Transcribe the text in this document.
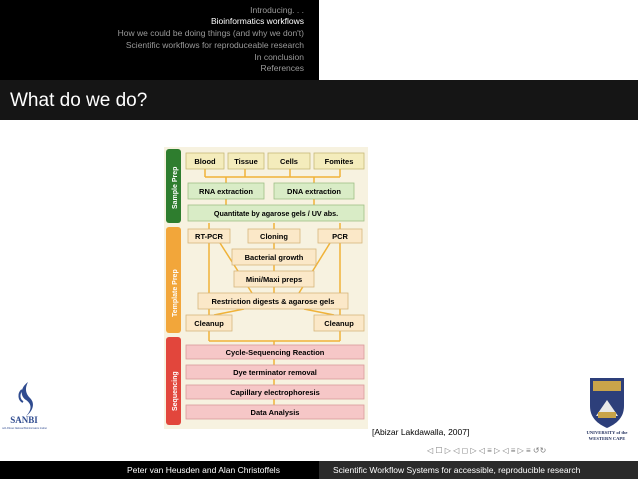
Introducing. . .
Bioinformatics workflows
How we could be doing things (and why we don't)
Scientific workflows for reproduceable research
In conclusion
References
What do we do?
Sample Prep
Template Prep
Sequencing
Blood Tissue	Cells	Fomites
RNA extraction	DNA extraction
Quantitate by agarose gels / UV abs.
RT-PCR	Cloning	PCR
Bacterial growth
Mini/Maxi preps
Restriction digests & agarose gels
Cleanup	Cleanup
Cycle-Sequencing Reaction
Dye terminator removal
Capillary electrophoresis
Data Analysis
SANBI
South African National Bioinformatics Institute
UNIVERSITY of the
WESTERN CAPE
[Abizar Lakdawalla, 2007]
◁ ☐ ▷ ◁ ◻ ▷ ◁ ≡ ▷ ◁ ≡ ▷ ≡ ↺↻
Peter van Heusden and Alan Christoffels	Scientific Workflow Systems for accessible, reproducible research
